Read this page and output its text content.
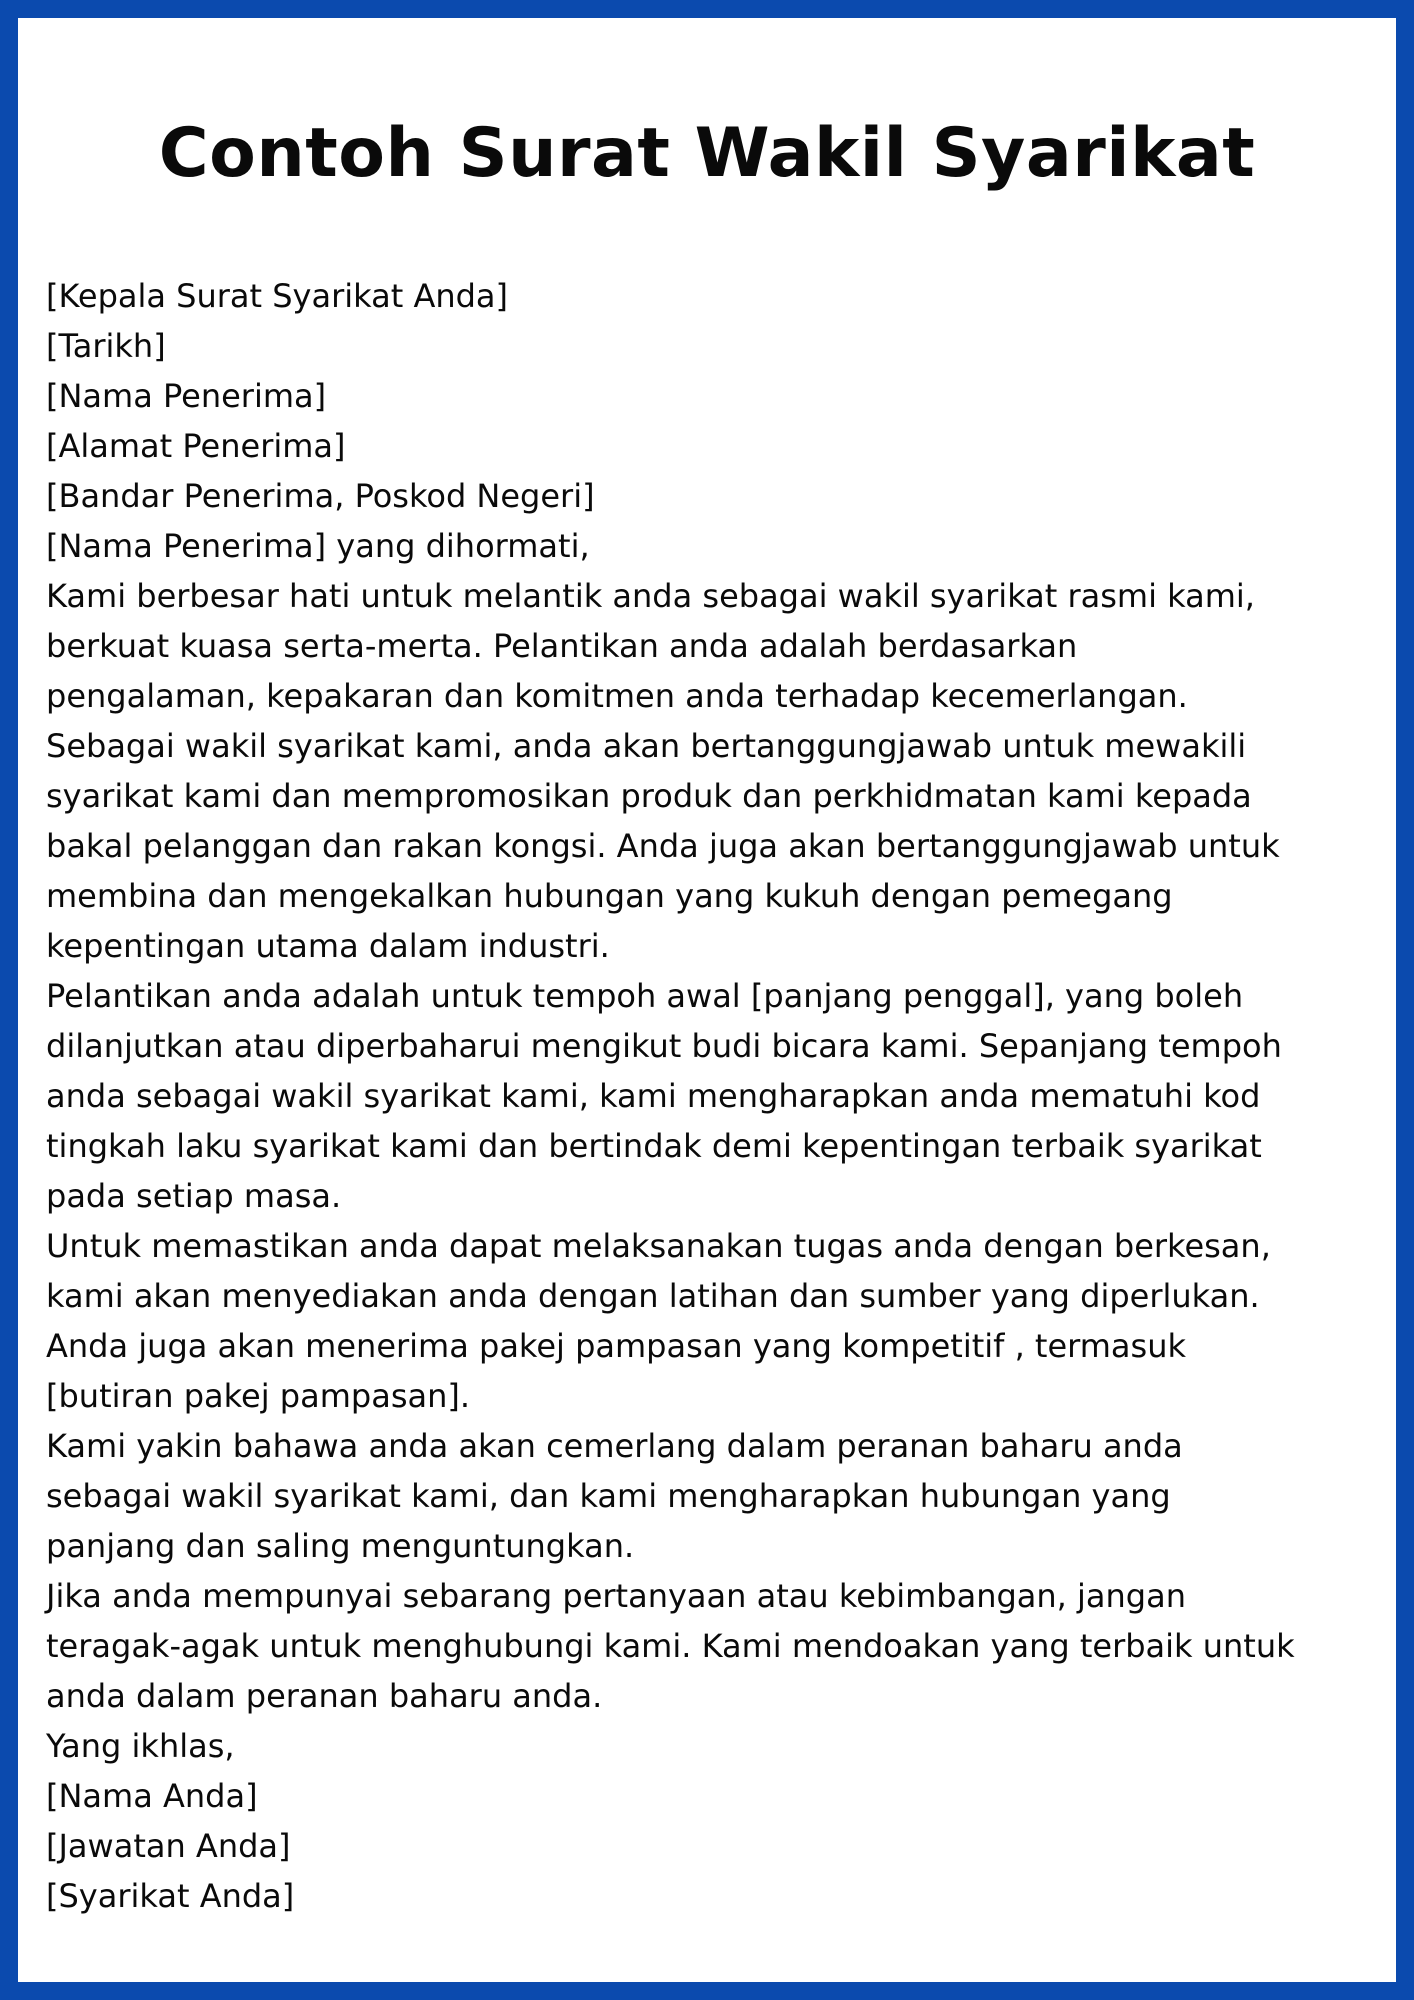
Contoh Surat Wakil Syarikat
[Kepala Surat Syarikat Anda]
[Tarikh]
[Nama Penerima]
[Alamat Penerima]
[Bandar Penerima, Poskod Negeri]
[Nama Penerima] yang dihormati,
Kami berbesar hati untuk melantik anda sebagai wakil syarikat rasmi kami,
berkuat kuasa serta-merta. Pelantikan anda adalah berdasarkan
pengalaman, kepakaran dan komitmen anda terhadap kecemerlangan.
Sebagai wakil syarikat kami, anda akan bertanggungjawab untuk mewakili
syarikat kami dan mempromosikan produk dan perkhidmatan kami kepada
bakal pelanggan dan rakan kongsi. Anda juga akan bertanggungjawab untuk
membina dan mengekalkan hubungan yang kukuh dengan pemegang
kepentingan utama dalam industri.
Pelantikan anda adalah untuk tempoh awal [panjang penggal], yang boleh
dilanjutkan atau diperbaharui mengikut budi bicara kami. Sepanjang tempoh
anda sebagai wakil syarikat kami, kami mengharapkan anda mematuhi kod
tingkah laku syarikat kami dan bertindak demi kepentingan terbaik syarikat
pada setiap masa.
Untuk memastikan anda dapat melaksanakan tugas anda dengan berkesan,
kami akan menyediakan anda dengan latihan dan sumber yang diperlukan.
Anda juga akan menerima pakej pampasan yang kompetitif , termasuk
[butiran pakej pampasan].
Kami yakin bahawa anda akan cemerlang dalam peranan baharu anda
sebagai wakil syarikat kami, dan kami mengharapkan hubungan yang
panjang dan saling menguntungkan.
Jika anda mempunyai sebarang pertanyaan atau kebimbangan, jangan
teragak-agak untuk menghubungi kami. Kami mendoakan yang terbaik untuk
anda dalam peranan baharu anda.
Yang ikhlas,
[Nama Anda]
[Jawatan Anda]
[Syarikat Anda]
